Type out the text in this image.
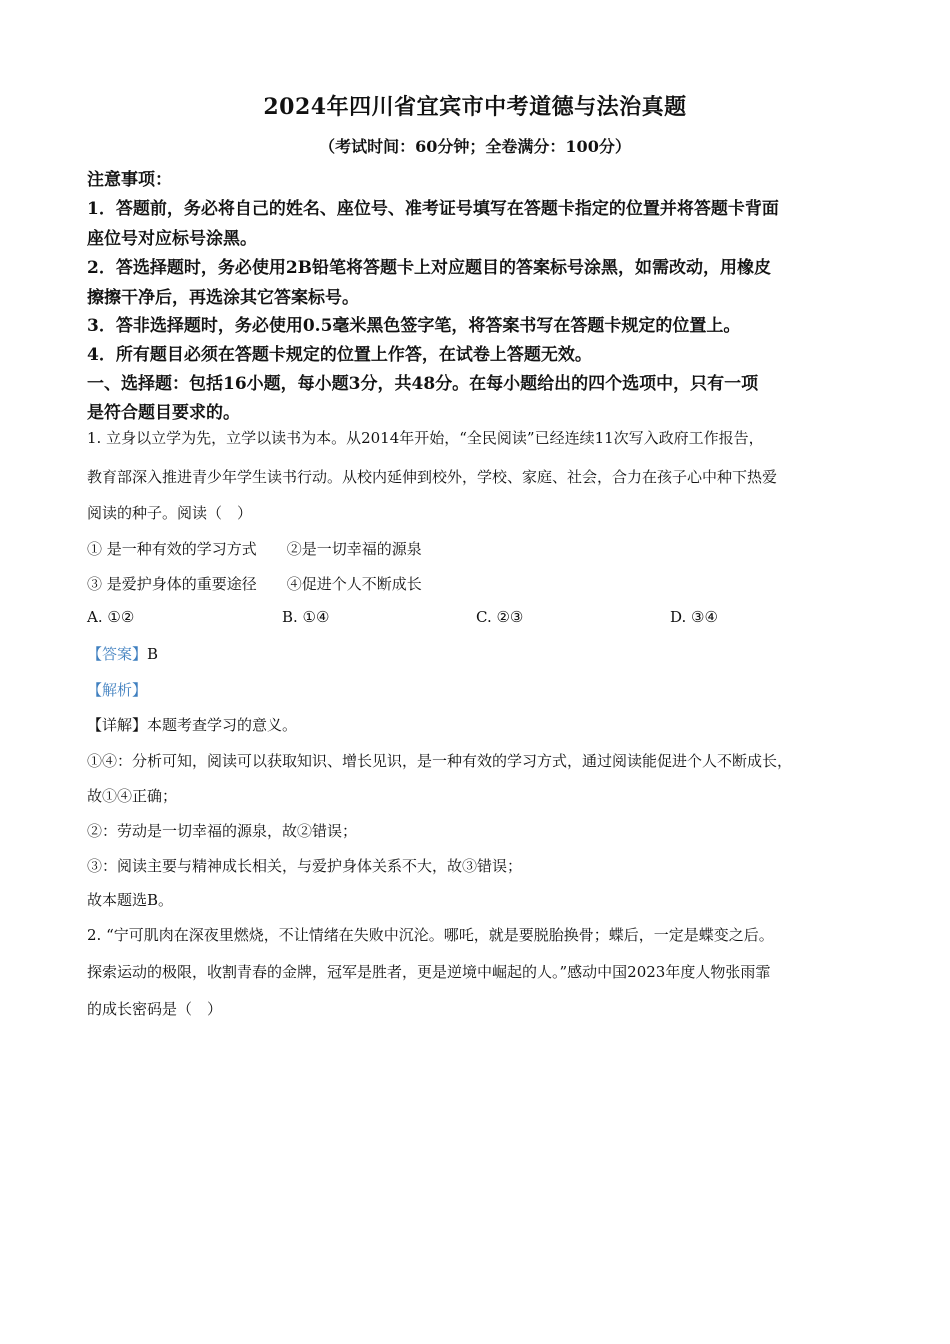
2024年四川省宜宾市中考道德与法治真题
（考试时间：60分钟；全卷满分：100分）
注意事项：
1．答题前，务必将自己的姓名、座位号、准考证号填写在答题卡指定的位置并将答题卡背面
座位号对应标号涂黑。
2．答选择题时，务必使用2B铅笔将答题卡上对应题目的答案标号涂黑，如需改动，用橡皮
擦擦干净后，再选涂其它答案标号。
3．答非选择题时，务必使用0.5毫米黑色签字笔，将答案书写在答题卡规定的位置上。
4．所有题目必须在答题卡规定的位置上作答，在试卷上答题无效。
一、选择题：包括16小题，每小题3分，共48分。在每小题给出的四个选项中，只有一项
是符合题目要求的。
1. 立身以立学为先，立学以读书为本。从2014年开始，“全民阅读”已经连续11次写入政府工作报告，
教育部深入推进青少年学生读书行动。从校内延伸到校外，学校、家庭、社会，合力在孩子心中种下热爱
阅读的种子。阅读（　）
① 是一种有效的学习方式　　②是一切幸福的源泉
③ 是爱护身体的重要途径　　④促进个人不断成长
A. ①②	B. ①④	C. ②③	D. ③④
【答案】B
【解析】
【详解】本题考查学习的意义。
①④：分析可知，阅读可以获取知识、增长见识，是一种有效的学习方式，通过阅读能促进个人不断成长，
故①④正确；
②：劳动是一切幸福的源泉，故②错误；
③：阅读主要与精神成长相关，与爱护身体关系不大，故③错误；
故本题选B。
2. “宁可肌肉在深夜里燃烧，不让情绪在失败中沉沦。哪吒，就是要脱胎换骨；蝶后，一定是蝶变之后。
探索运动的极限，收割青春的金牌，冠军是胜者，更是逆境中崛起的人。”感动中国2023年度人物张雨霏
的成长密码是（　）
